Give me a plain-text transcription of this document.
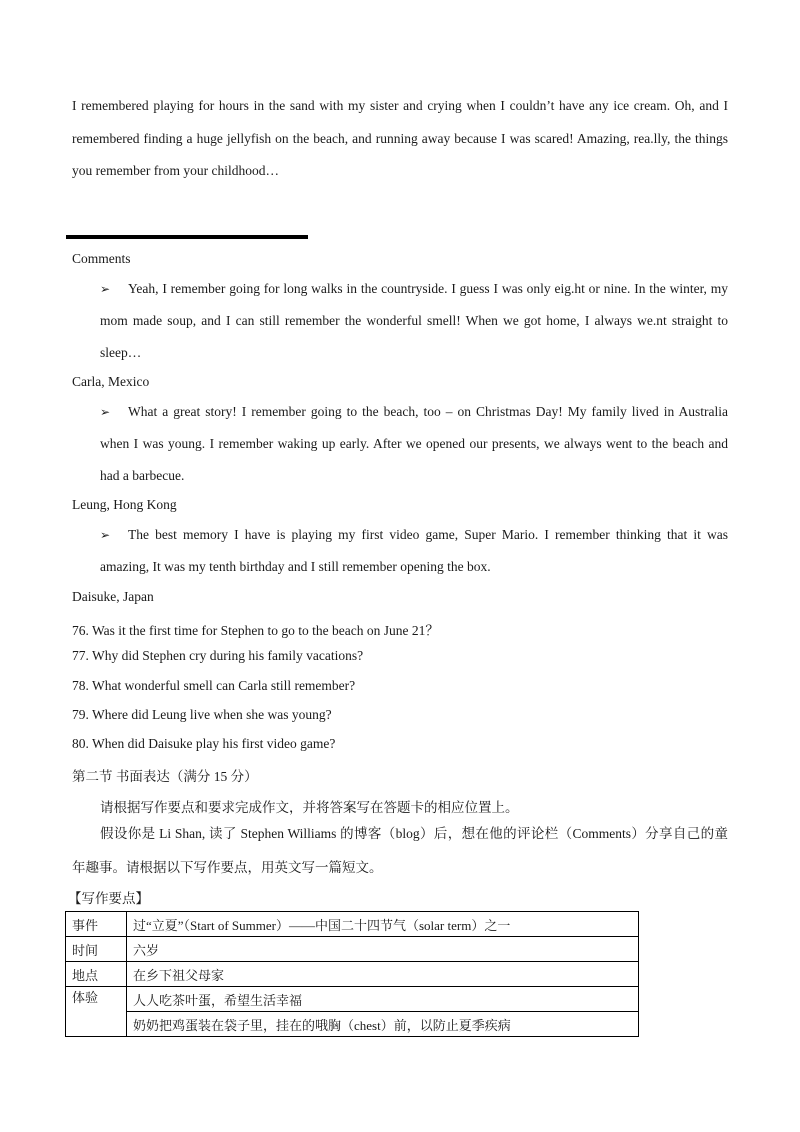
I remembered playing for hours in the sand with my sister and crying when I couldn’t have any ice cream. Oh, and I remembered finding a huge jellyfish on the beach, and running away because I was scared! Amazing, rea.lly, the things you remember from your childhood…

Comments
➢ Yeah, I remember going for long walks in the countryside. I guess I was only eig.ht or nine. In the winter, my mom made soup, and I can still remember the wonderful smell! When we got home, I always we.nt straight to sleep…
Carla, Mexico
➢ What a great story! I remember going to the beach, too – on Christmas Day! My family lived in Australia when I was young. I remember waking up early. After we opened our presents, we always went to the beach and had a barbecue.
Leung, Hong Kong
➢ The best memory I have is playing my first video game, Super Mario. I remember thinking that it was amazing, It was my tenth birthday and I still remember opening the box.
Daisuke, Japan
76. Was it the first time for Stephen to go to the beach on June 21？
77. Why did Stephen cry during his family vacations?
78. What wonderful smell can Carla still remember?
79. Where did Leung live when she was young?
80. When did Daisuke play his first video game?
第二节 书面表达（满分 15 分）
请根据写作要点和要求完成作文，并将答案写在答题卡的相应位置上。

假设你是 Li Shan, 读了 Stephen Williams 的博客（blog）后，想在他的评论栏（Comments）分享自己的童年趣事。请根据以下写作要点，用英文写一篇短文。

【写作要点】
事件	过“立夏”（Start of Summer）——中国二十四节气（solar term）之一
时间	六岁
地点	在乡下祖父母家
体验	人人吃茶叶蛋，希望生活幸福
	奶奶把鸡蛋装在袋子里，挂在的哦胸（chest）前，以防止夏季疾病
